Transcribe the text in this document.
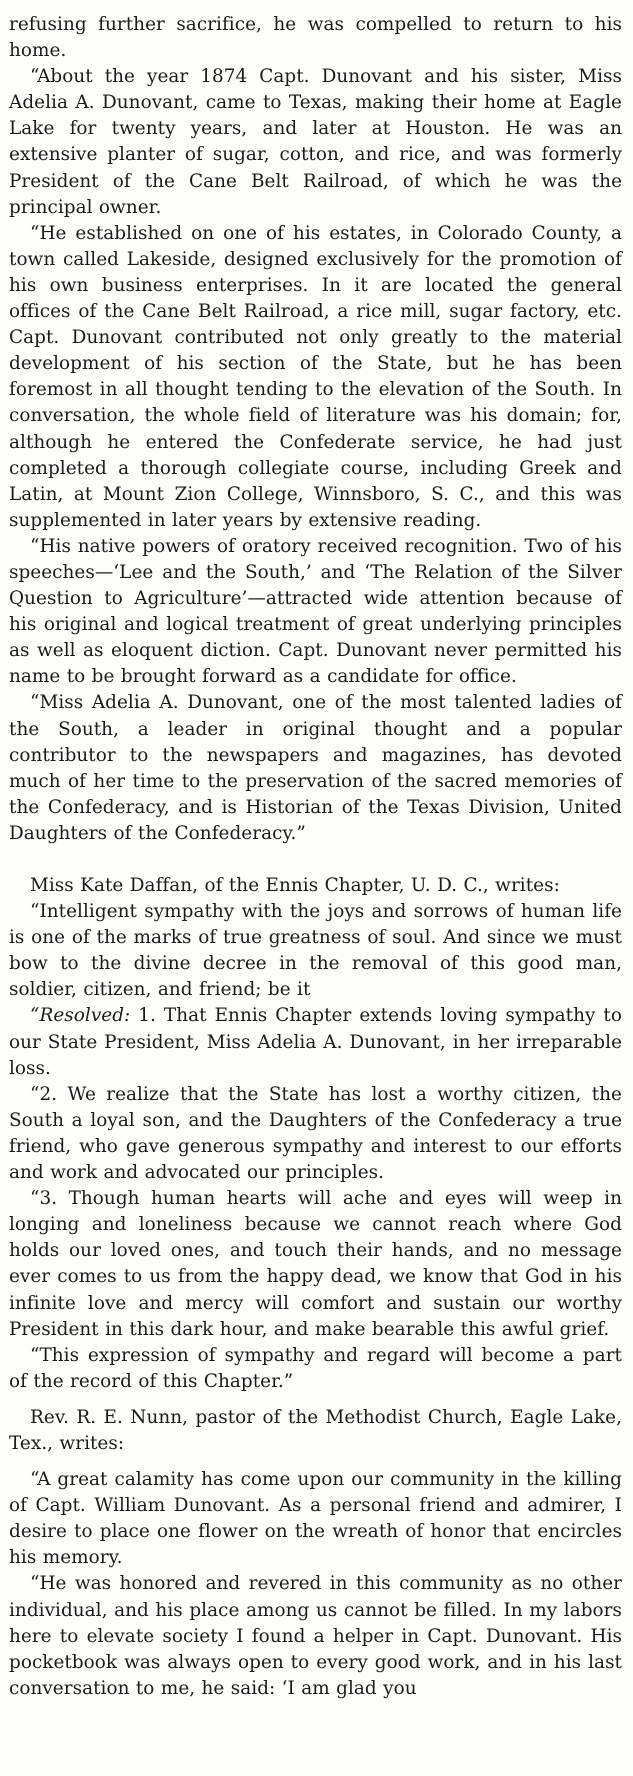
refusing further sacrifice, he was compelled to return to his home.

“About the year 1874 Capt. Dunovant and his sister, Miss Adelia A. Dunovant, came to Texas, making their home at Eagle Lake for twenty years, and later at Houston. He was an extensive planter of sugar, cotton, and rice, and was formerly President of the Cane Belt Railroad, of which he was the principal owner.

“He established on one of his estates, in Colorado County, a town called Lakeside, designed exclusively for the promotion of his own business enterprises. In it are located the general offices of the Cane Belt Railroad, a rice mill, sugar factory, etc. Capt. Dunovant contributed not only greatly to the material development of his section of the State, but he has been foremost in all thought tending to the elevation of the South. In conversation, the whole field of literature was his domain; for, although he entered the Confederate service, he had just completed a thorough collegiate course, including Greek and Latin, at Mount Zion College, Winnsboro, S. C., and this was supplemented in later years by extensive reading.

“His native powers of oratory received recognition. Two of his speeches—‘Lee and the South,’ and ‘The Relation of the Silver Question to Agriculture’—attracted wide attention because of his original and logical treatment of great underlying principles as well as eloquent diction. Capt. Dunovant never permitted his name to be brought forward as a candidate for office.

“Miss Adelia A. Dunovant, one of the most talented ladies of the South, a leader in original thought and a popular contributor to the newspapers and magazines, has devoted much of her time to the preservation of the sacred memories of the Confederacy, and is Historian of the Texas Division, United Daughters of the Confederacy.”

Miss Kate Daffan, of the Ennis Chapter, U. D. C., writes:

“Intelligent sympathy with the joys and sorrows of human life is one of the marks of true greatness of soul. And since we must bow to the divine decree in the removal of this good man, soldier, citizen, and friend; be it

“Resolved: 1. That Ennis Chapter extends loving sympathy to our State President, Miss Adelia A. Dunovant, in her irreparable loss.

“2. We realize that the State has lost a worthy citizen, the South a loyal son, and the Daughters of the Confederacy a true friend, who gave generous sympathy and interest to our efforts and work and advocated our principles.

“3. Though human hearts will ache and eyes will weep in longing and loneliness because we cannot reach where God holds our loved ones, and touch their hands, and no message ever comes to us from the happy dead, we know that God in his infinite love and mercy will comfort and sustain our worthy President in this dark hour, and make bearable this awful grief.

“This expression of sympathy and regard will become a part of the record of this Chapter.”

Rev. R. E. Nunn, pastor of the Methodist Church, Eagle Lake, Tex., writes:

“A great calamity has come upon our community in the killing of Capt. William Dunovant. As a personal friend and admirer, I desire to place one flower on the wreath of honor that encircles his memory.

“He was honored and revered in this community as no other individual, and his place among us cannot be filled. In my labors here to elevate society I found a helper in Capt. Dunovant. His pocketbook was always open to every good work, and in his last conversation to me, he said: ‘I am glad you
